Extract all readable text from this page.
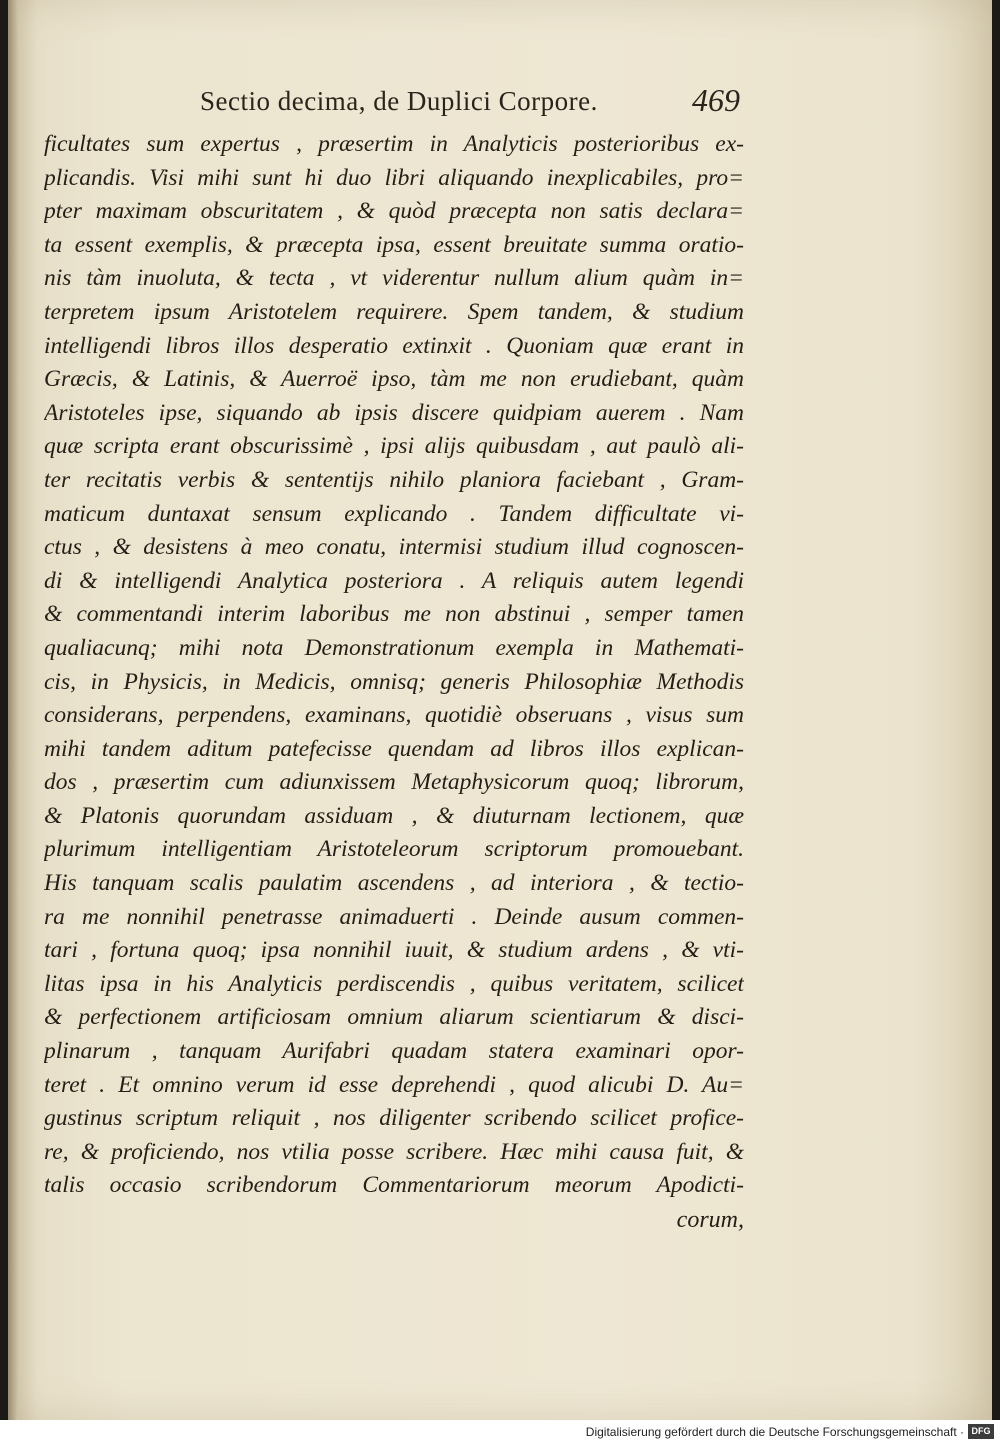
Sectio decima, de Duplici Corpore.	469
ficultates sum expertus , præsertim in Analyticis posterioribus ex-
plicandis. Visi mihi sunt hi duo libri aliquando inexplicabiles, pro=
pter maximam obscuritatem , & quòd præcepta non satis declara=
ta essent exemplis, & præcepta ipsa, essent breuitate summa oratio-
nis tàm inuoluta, & tecta , vt viderentur nullum alium quàm in=
terpretem ipsum Aristotelem requirere. Spem tandem, & studium
intelligendi libros illos desperatio extinxit . Quoniam quæ erant in
Græcis, & Latinis, & Auerroë ipso, tàm me non erudiebant, quàm
Aristoteles ipse, siquando ab ipsis discere quidpiam auerem . Nam
quæ scripta erant obscurissimè , ipsi alijs quibusdam , aut paulò ali-
ter recitatis verbis & sententijs nihilo planiora faciebant , Gram-
maticum duntaxat sensum explicando . Tandem difficultate vi-
ctus , & desistens à meo conatu, intermisi studium illud cognoscen-
di & intelligendi Analytica posteriora . A reliquis autem legendi
& commentandi interim laboribus me non abstinui , semper tamen
qualiacunq; mihi nota Demonstrationum exempla in Mathemati-
cis, in Physicis, in Medicis, omnisq; generis Philosophiæ Methodis
considerans, perpendens, examinans, quotidiè obseruans , visus sum
mihi tandem aditum patefecisse quendam ad libros illos explican-
dos , præsertim cum adiunxissem Metaphysicorum quoq; librorum,
& Platonis quorundam assiduam , & diuturnam lectionem, quæ
plurimum intelligentiam Aristoteleorum scriptorum promouebant.
His tanquam scalis paulatim ascendens , ad interiora , & tectio-
ra me nonnihil penetrasse animaduerti . Deinde ausum commen-
tari , fortuna quoq; ipsa nonnihil iuuit, & studium ardens , & vti-
litas ipsa in his Analyticis perdiscendis , quibus veritatem, scilicet
& perfectionem artificiosam omnium aliarum scientiarum & disci-
plinarum , tanquam Aurifabri quadam statera examinari opor-
teret . Et omnino verum id esse deprehendi , quod alicubi D. Au=
gustinus scriptum reliquit , nos diligenter scribendo scilicet profice-
re, & proficiendo, nos vtilia posse scribere. Hæc mihi causa fuit, &
talis occasio scribendorum Commentariorum meorum Apodicti-
corum,
Digitalisierung gefördert durch die Deutsche Forschungsgemeinschaft · DFG
